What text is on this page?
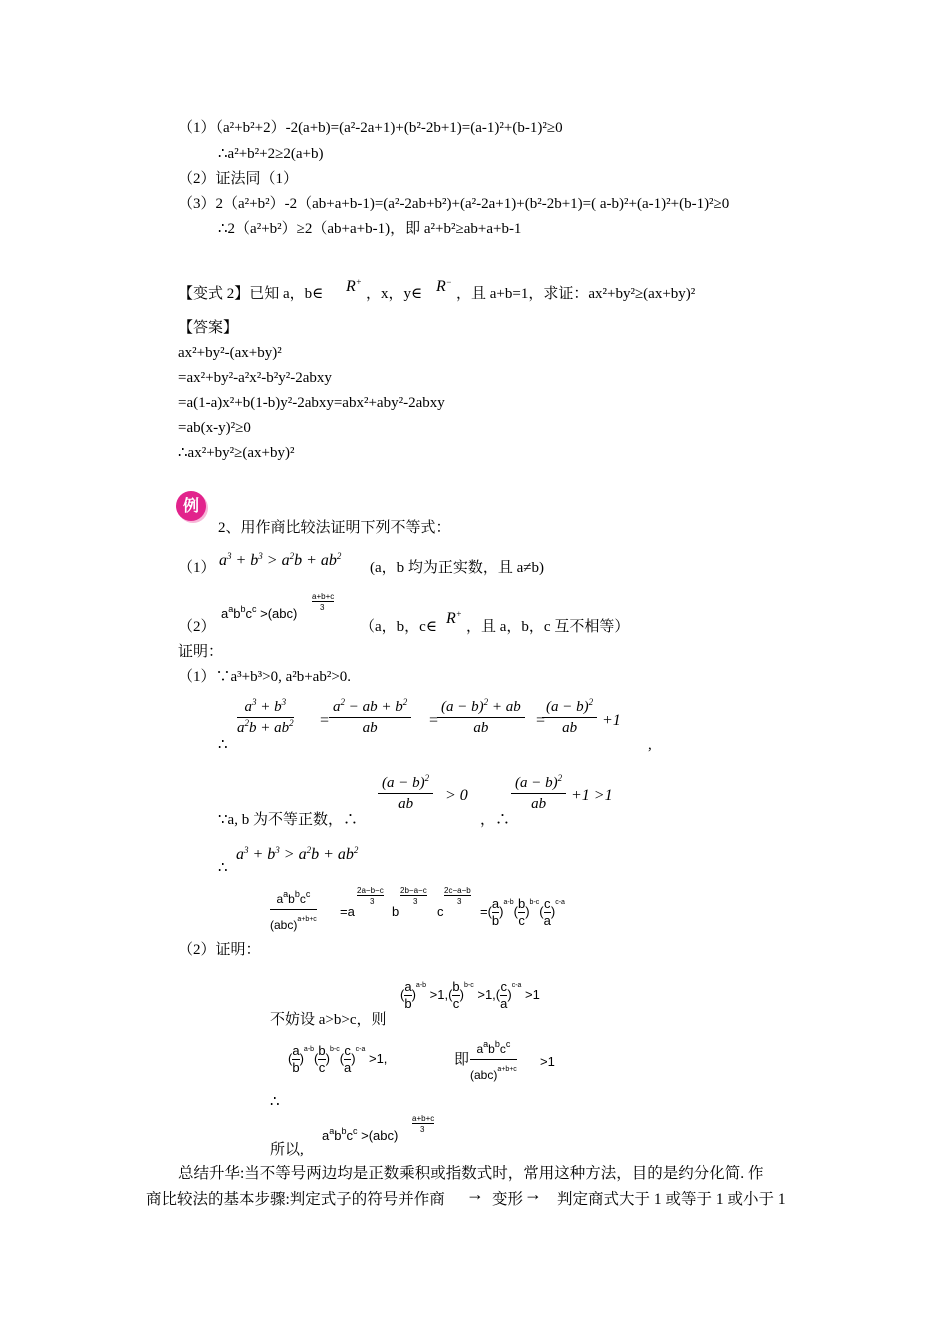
（1）（a²+b²+2）-2(a+b)=(a²-2a+1)+(b²-2b+1)=(a-1)²+(b-1)²≥0
∴a²+b²+2≥2(a+b)
（2）证法同（1）
（3）2（a²+b²）-2（ab+a+b-1)=(a²-2ab+b²)+(a²-2a+1)+(b²-2b+1)=( a-b)²+(a-1)²+(b-1)²≥0
∴2（a²+b²）≥2（ab+a+b-1)，即 a²+b²≥ab+a+b-1
【变式 2】已知 a，b∈ R+
，x，y∈ R−
，且 a+b=1，求证：ax²+by²≥(ax+by)²
【答案】
ax²+by²-(ax+by)²
=ax²+by²-a²x²-b²y²-2abxy
=a(1-a)x²+b(1-b)y²-2abxy=abx²+aby²-2abxy
=ab(x-y)²≥0
∴ax²+by²≥(ax+by)²
例
2、用作商比较法证明下列不等式：
（1） $a^3 + b^3 > a^2b + ab^2$
(a，b 均为正实数，且 a≠b)
$a^ab^bc^c >(abc)$
a+b+c
3
（2）	（a，b，c∈ R+
，且 a，b，c 互不相等）
证明：
（1）∵a³+b³>0, a²b+ab²>0.
∴
$\frac{a^3 + b^3}{a^2b + ab^2} = \frac{a^2 - ab + b^2}{ab}$ =
$\frac{(a - b)^2 + ab}{ab}$ =
$\frac{(a - b)^2}{ab} +1$
,
$\frac{(a - b)^2}{ab} > 0$	$\frac{(a - b)^2}{ab} +1 >1$
∵a, b 为不等正数，∴	，∴
∴
$a^3 + b^3 > a^2b + ab^2$
$a^ab^bc^c$
(abc)$^{a+b+c}$
=a
2a−b−c
3
b
2b−a−c
3
c
2c−a−b
3
=( $\frac{a}{b} )^{a-b}( \frac{b}{c} )^{b-c}( \frac{c}{a} )^{c-a}$
（2）证明：
( $\frac{a}{b} )^{a-b} >1,( \frac{b}{c} )^{b-c} >1,( \frac{c}{a} )^{c-a} >1$
不妨设 a>b>c，则
( $\frac{a}{b} )^{a-b}( \frac{b}{c} )^{b-c}( \frac{c}{a} )^{c-a} >1$,	即
$a^ab^bc^c$
(abc)$^{a+b+c}$
>1
∴
$a^ab^bc^c >(abc)$
a+b+c
3
所以,
总结升华:当不等号两边均是正数乘积或指数式时，常用这种方法，目的是约分化简. 作
商比较法的基本步骤:判定式子的符号并作商 → 变形 → 判定商式大于 1 或等于 1 或小于 1
